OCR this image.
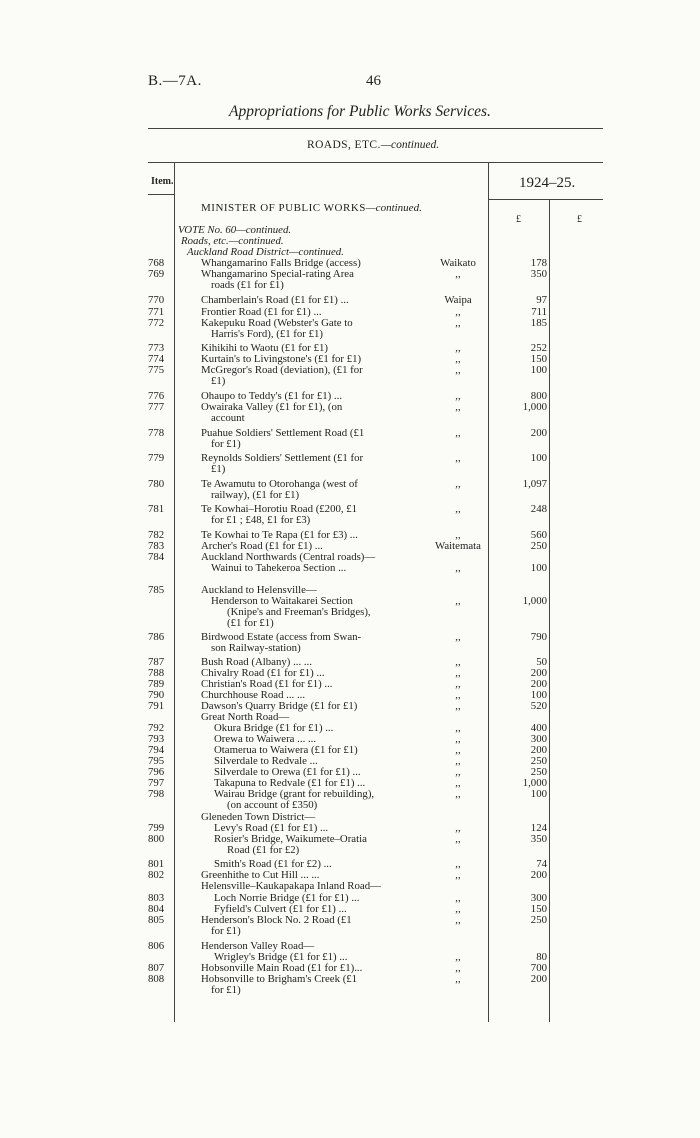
B.—7A.	46
Appropriations for Public Works Services.
ROADS, ETC.—continued.
Item.	1924–25.
MINISTER OF PUBLIC WORKS—continued.
£	£
VOTE No. 60—continued.
Roads, etc.—continued.
Auckland Road District—continued.
768	Whangamarino Falls Bridge (access)	Waikato	178
769	Whangamarino Special-rating Area	,,	350
roads (£1 for £1)
770	Chamberlain's Road (£1 for £1) ...	Waipa	97
771	Frontier Road (£1 for £1) ...	,,	711
772	Kakepuku Road (Webster's Gate to	,,	185
Harris's Ford), (£1 for £1)
773	Kihikihi to Waotu (£1 for £1)	,,	252
774	Kurtain's to Livingstone's (£1 for £1)	,,	150
775	McGregor's Road (deviation), (£1 for	,,	100
£1)
776	Ohaupo to Teddy's (£1 for £1) ...	,,	800
777	Owairaka Valley (£1 for £1), (on	,,	1,000
account
778	Puahue Soldiers' Settlement Road (£1	,,	200
for £1)
779	Reynolds Soldiers' Settlement (£1 for	,,	100
£1)
780	Te Awamutu to Otorohanga (west of	,,	1,097
railway), (£1 for £1)
781	Te Kowhai–Horotiu Road (£200, £1	,,	248
for £1 ; £48, £1 for £3)
782	Te Kowhai to Te Rapa (£1 for £3) ...	,,	560
783	Archer's Road (£1 for £1) ...	Waitemata	250
784	Auckland Northwards (Central roads)—
Wainui to Tahekeroa Section ...	,,	100
785	Auckland to Helensville—
Henderson to Waitakarei Section	,,	1,000
(Knipe's and Freeman's Bridges),
(£1 for £1)
786	Birdwood Estate (access from Swan-	,,	790
son Railway-station)
787	Bush Road (Albany) ... ...	,,	50
788	Chivalry Road (£1 for £1) ...	,,	200
789	Christian's Road (£1 for £1) ...	,,	200
790	Churchhouse Road ... ...	,,	100
791	Dawson's Quarry Bridge (£1 for £1)	,,	520
Great North Road—
792	Okura Bridge (£1 for £1) ...	,,	400
793	Orewa to Waiwera ... ...	,,	300
794	Otamerua to Waiwera (£1 for £1)	,,	200
795	Silverdale to Redvale ...	,,	250
796	Silverdale to Orewa (£1 for £1) ...	,,	250
797	Takapuna to Redvale (£1 for £1) ...	,,	1,000
798	Wairau Bridge (grant for rebuilding),	,,	100
(on account of £350)
Gleneden Town District—
799	Levy's Road (£1 for £1) ...	,,	124
800	Rosier's Bridge, Waikumete–Oratia	,,	350
Road (£1 for £2)
801	Smith's Road (£1 for £2) ...	,,	74
802	Greenhithe to Cut Hill ... ...	,,	200
Helensville–Kaukapakapa Inland Road—
803	Loch Norrie Bridge (£1 for £1) ...	,,	300
804	Fyfield's Culvert (£1 for £1) ...	,,	150
805	Henderson's Block No. 2 Road (£1	,,	250
for £1)
806	Henderson Valley Road—
Wrigley's Bridge (£1 for £1) ...	,,	80
807	Hobsonville Main Road (£1 for £1)...	,,	700
808	Hobsonville to Brigham's Creek (£1	,,	200
for £1)
